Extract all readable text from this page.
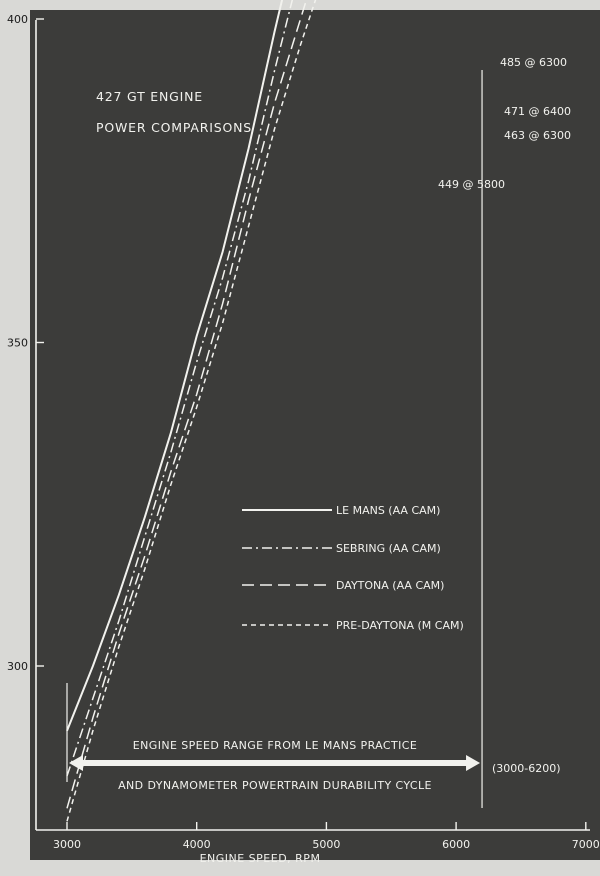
300
350
400
3000	4000	5000	6000	7000
ENGINE SPEED, RPM
427 GT ENGINE
POWER COMPARISONS
485 @ 6300
471 @ 6400
463 @ 6300
449 @ 5800
LE MANS (AA CAM)
SEBRING (AA CAM)
DAYTONA (AA CAM)
PRE-DAYTONA (M CAM)
ENGINE SPEED RANGE FROM LE MANS PRACTICE
AND DYNAMOMETER POWERTRAIN DURABILITY CYCLE
(3000-6200)
